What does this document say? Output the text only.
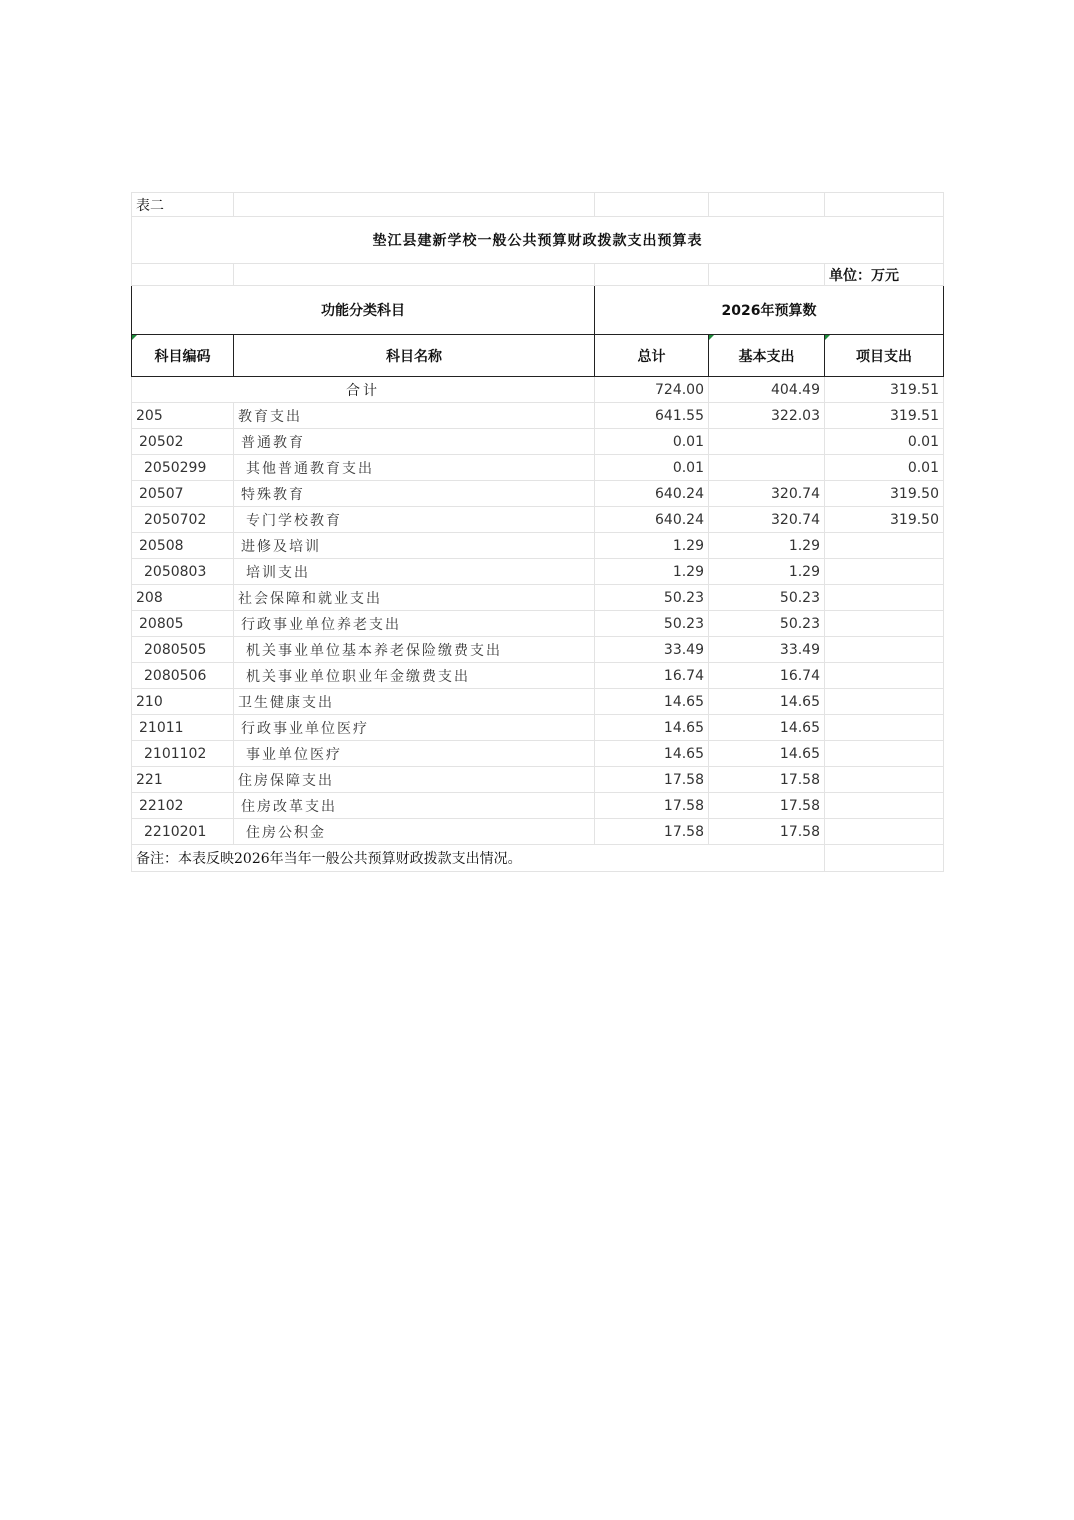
表二				
垫江县建新学校一般公共预算财政拨款支出预算表				
				单位：万元
功能分类科目		2026年预算数		
科目编码	科目名称	总计	基本支出	项目支出
合计		724.00	404.49	319.51
205	教育支出	641.55	322.03	319.51
20502	普通教育	0.01		0.01
2050299	其他普通教育支出	0.01		0.01
20507	特殊教育	640.24	320.74	319.50
2050702	专门学校教育	640.24	320.74	319.50
20508	进修及培训	1.29	1.29	
2050803	培训支出	1.29	1.29	
208	社会保障和就业支出	50.23	50.23	
20805	行政事业单位养老支出	50.23	50.23	
2080505	机关事业单位基本养老保险缴费支出	33.49	33.49	
2080506	机关事业单位职业年金缴费支出	16.74	16.74	
210	卫生健康支出	14.65	14.65	
21011	行政事业单位医疗	14.65	14.65	
2101102	事业单位医疗	14.65	14.65	
221	住房保障支出	17.58	17.58	
22102	住房改革支出	17.58	17.58	
2210201	住房公积金	17.58	17.58	
备注：本表反映2026年当年一般公共预算财政拨款支出情况。				
